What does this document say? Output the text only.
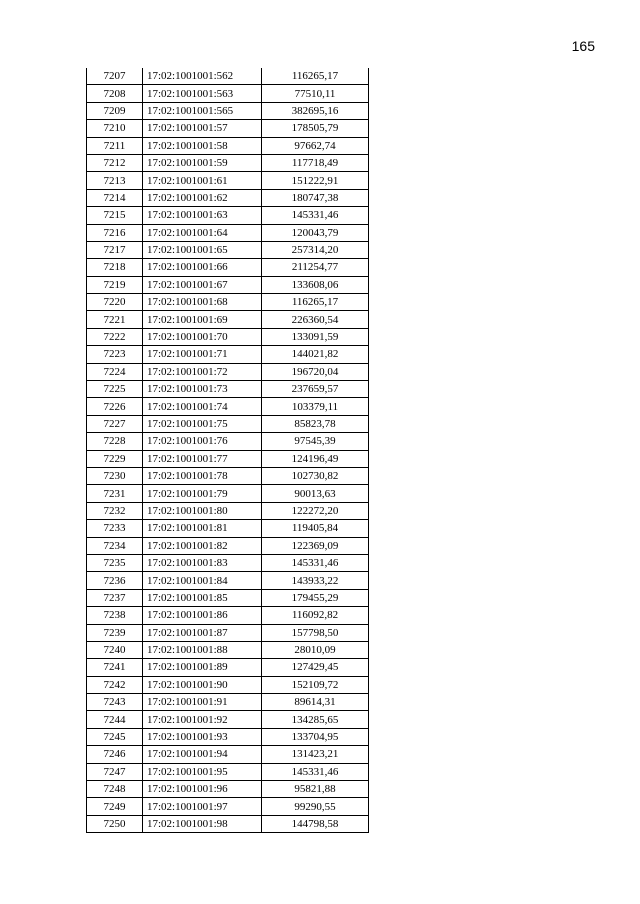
165
7207	17:02:1001001:562	116265,17
7208	17:02:1001001:563	77510,11
7209	17:02:1001001:565	382695,16
7210	17:02:1001001:57	178505,79
7211	17:02:1001001:58	97662,74
7212	17:02:1001001:59	117718,49
7213	17:02:1001001:61	151222,91
7214	17:02:1001001:62	180747,38
7215	17:02:1001001:63	145331,46
7216	17:02:1001001:64	120043,79
7217	17:02:1001001:65	257314,20
7218	17:02:1001001:66	211254,77
7219	17:02:1001001:67	133608,06
7220	17:02:1001001:68	116265,17
7221	17:02:1001001:69	226360,54
7222	17:02:1001001:70	133091,59
7223	17:02:1001001:71	144021,82
7224	17:02:1001001:72	196720,04
7225	17:02:1001001:73	237659,57
7226	17:02:1001001:74	103379,11
7227	17:02:1001001:75	85823,78
7228	17:02:1001001:76	97545,39
7229	17:02:1001001:77	124196,49
7230	17:02:1001001:78	102730,82
7231	17:02:1001001:79	90013,63
7232	17:02:1001001:80	122272,20
7233	17:02:1001001:81	119405,84
7234	17:02:1001001:82	122369,09
7235	17:02:1001001:83	145331,46
7236	17:02:1001001:84	143933,22
7237	17:02:1001001:85	179455,29
7238	17:02:1001001:86	116092,82
7239	17:02:1001001:87	157798,50
7240	17:02:1001001:88	28010,09
7241	17:02:1001001:89	127429,45
7242	17:02:1001001:90	152109,72
7243	17:02:1001001:91	89614,31
7244	17:02:1001001:92	134285,65
7245	17:02:1001001:93	133704,95
7246	17:02:1001001:94	131423,21
7247	17:02:1001001:95	145331,46
7248	17:02:1001001:96	95821,88
7249	17:02:1001001:97	99290,55
7250	17:02:1001001:98	144798,58
